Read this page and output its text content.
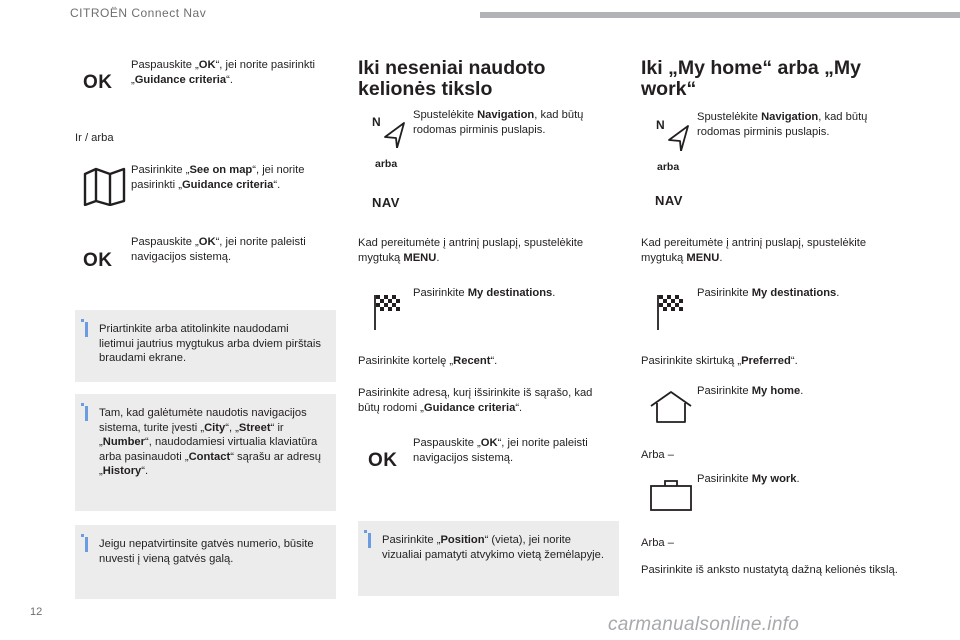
CITROËN Connect Nav
OK
Paspauskite „OK“, jei norite pasirinkti „Guidance criteria“.
Ir / arba
Pasirinkite „See on map“, jei norite pasirinkti „Guidance criteria“.
OK
Paspauskite „OK“, jei norite paleisti navigacijos sistemą.
Priartinkite arba atitolinkite naudodami lietimui jautrius mygtukus arba dviem pirštais braudami ekrane.
Tam, kad galėtumėte naudotis navigacijos sistema, turite įvesti „City“, „Street“ ir „Number“, naudodamiesi virtualia klaviatūra arba pasinaudoti „Contact“ sąrašu ar adresų „History“.
Jeigu nepatvirtinsite gatvės numerio, būsite nuvesti į vieną gatvės galą.
Iki neseniai naudoto kelionės tikslo
N
arba
NAV
Spustelėkite Navigation, kad būtų rodomas pirminis puslapis.
Kad pereitumėte į antrinį puslapį, spustelėkite mygtuką MENU.
Pasirinkite My destinations.
Pasirinkite kortelę „Recent“.
Pasirinkite adresą, kurį išsirinkite iš sąrašo, kad būtų rodomi „Guidance criteria“.
OK
Paspauskite „OK“, jei norite paleisti navigacijos sistemą.
Pasirinkite „Position“ (vieta), jei norite vizualiai pamatyti atvykimo vietą žemėlapyje.
Iki „My home“ arba „My work“
N
arba
NAV
Spustelėkite Navigation, kad būtų rodomas pirminis puslapis.
Kad pereitumėte į antrinį puslapį, spustelėkite mygtuką MENU.
Pasirinkite My destinations.
Pasirinkite skirtuką „Preferred“.
Pasirinkite My home.
Arba –
Pasirinkite My work.
Arba –
Pasirinkite iš anksto nustatytą dažną kelionės tikslą.
12
carmanualsonline.info
